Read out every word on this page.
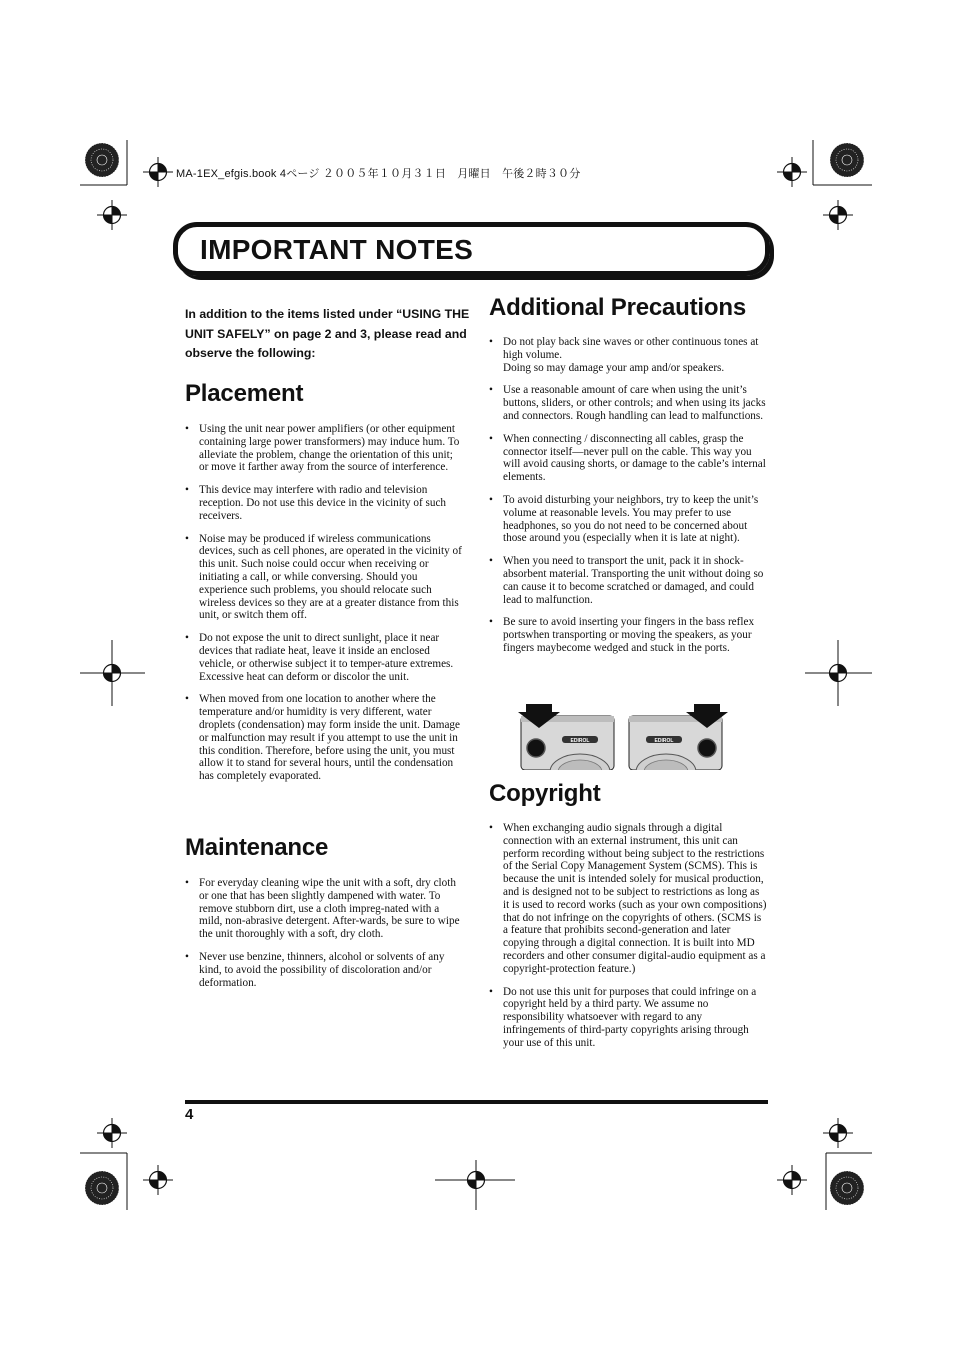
MA-1EX_efgis.book 4ページ ２００５年１０月３１日　月曜日　午後２時３０分
IMPORTANT NOTES
In addition to the items listed under “USING THE UNIT SAFELY” on page 2 and 3, please read and observe the following:
Placement
• Using the unit near power amplifiers (or other equipment containing large power transformers) may induce hum. To alleviate the problem, change the orientation of this unit; or move it farther away from the source of interference.
• This device may interfere with radio and television reception. Do not use this device in the vicinity of such receivers.
• Noise may be produced if wireless communications devices, such as cell phones, are operated in the vicinity of this unit. Such noise could occur when receiving or initiating a call, or while conversing. Should you experience such problems, you should relocate such wireless devices so they are at a greater distance from this unit, or switch them off.
• Do not expose the unit to direct sunlight, place it near devices that radiate heat, leave it inside an enclosed vehicle, or otherwise subject it to temper-ature extremes. Excessive heat can deform or discolor the unit.
• When moved from one location to another where the temperature and/or humidity is very different, water droplets (condensation) may form inside the unit. Damage or malfunction may result if you attempt to use the unit in this condition. Therefore, before using the unit, you must allow it to stand for several hours, until the condensation has completely evaporated.
Maintenance
• For everyday cleaning wipe the unit with a soft, dry cloth or one that has been slightly dampened with water. To remove stubborn dirt, use a cloth impreg-nated with a mild, non-abrasive detergent. After-wards, be sure to wipe the unit thoroughly with a soft, dry cloth.
• Never use benzine, thinners, alcohol or solvents of any kind, to avoid the possibility of discoloration and/or deformation.
Additional Precautions
• Do not play back sine waves or other continuous tones at high volume.
Doing so may damage your amp and/or speakers.
• Use a reasonable amount of care when using the unit’s buttons, sliders, or other controls; and when using its jacks and connectors. Rough handling can lead to malfunctions.
• When connecting / disconnecting all cables, grasp the connector itself—never pull on the cable. This way you will avoid causing shorts, or damage to the cable’s internal elements.
• To avoid disturbing your neighbors, try to keep the unit’s volume at reasonable levels. You may prefer to use headphones, so you do not need to be concerned about those around you (especially when it is late at night).
• When you need to transport the unit, pack it in shock-absorbent material. Transporting the unit without doing so can cause it to become scratched or damaged, and could lead to malfunction.
• Be sure to avoid inserting your fingers in the bass reflex portswhen transporting or moving the speakers, as your fingers maybecome wedged and stuck in the ports.
EDIROL	EDIROL
Copyright
• When exchanging audio signals through a digital connection with an external instrument, this unit can perform recording without being subject to the restrictions of the Serial Copy Management System (SCMS). This is because the unit is intended solely for musical production, and is designed not to be subject to restrictions as long as it is used to record works (such as your own compositions) that do not infringe on the copyrights of others. (SCMS is a feature that prohibits second-generation and later copying through a digital connection. It is built into MD recorders and other consumer digital-audio equipment as a copyright-protection feature.)
• Do not use this unit for purposes that could infringe on a copyright held by a third party. We assume no responsibility whatsoever with regard to any infringements of third-party copyrights arising through your use of this unit.
4
